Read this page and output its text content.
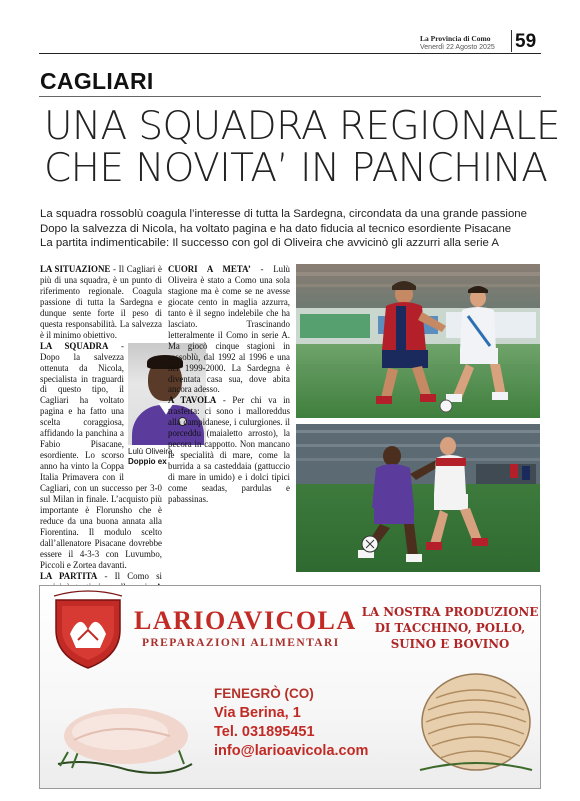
La Provincia di Como
Venerdì 22 Agosto 2025	59
CAGLIARI
UNA SQUADRA REGIONALE
CHE NOVITA’ IN PANCHINA
La squadra rossoblù coagula l’interesse di tutta la Sardegna, circondata da una grande passione
Dopo la salvezza di Nicola, ha voltato pagina e ha dato fiducia al tecnico esordiente Pisacane
La partita indimenticabile: Il successo con gol di Oliveira che avvicinò gli azzurri alla serie A

LA SITUAZIONE - Il Cagliari è più di una squadra, è un punto di riferimento regionale. Coagula passione di tutta la Sardegna e dunque sente forte il peso di questa responsabilità. La salvezza è il minimo obiettivo.

Lulù Oliveira
Doppio ex
LA SQUADRA - Dopo la salvezza ottenuta da Nicola, specialista in traguardi di questo tipo, il Cagliari ha voltato pagina e ha fatto una scelta coraggiosa, affidando la panchina a Fabio Pisacane, esordiente. Lo scorso anno ha vinto la Coppa Italia Primavera con il Cagliari, con un successo per 3-0 sul Milan in finale. L’acquisto più importante è Florunsho che è reduce da una buona annata alla Fiorentina. Il modulo scelto dall’allenatore Pisacane dovrebbe essere il 4-3-3 con Luvumbo, Piccoli e Zortea davanti.

LA PARTITA - Il Como si

CUORI A META’ - Lulù Oliveira è stato a Como una sola stagione ma è come se ne avesse giocate cento in maglia azzurra, tanto è il segno indelebile che ha lasciato. Trascinando letteralmente il Como in serie A. Ma giocò cinque stagioni in rossoblù, dal 1992 al 1996 e una nel 1999-2000. La Sardegna è diventata casa sua, dove abita ancora adesso.

A TAVOLA - Per chi va in trasferta: ci sono i malloreddus alla campidanese, i culurgiones. il porceddu (maialetto arrosto), la pecora in cappotto. Non mancano le specialità di mare, come la burrida a sa casteddaia (gattuccio di mare in umido) e i dolci tipici come seadas, pardulas e pabassinas.

LARIOAVICOLA
PREPARAZIONI ALIMENTARI
LA NOSTRA PRODUZIONE
DI TACCHINO, POLLO,
SUINO E BOVINO
FENEGRÒ (CO)
Via Berina, 1
Tel. 031895451
info@larioavicola.com
